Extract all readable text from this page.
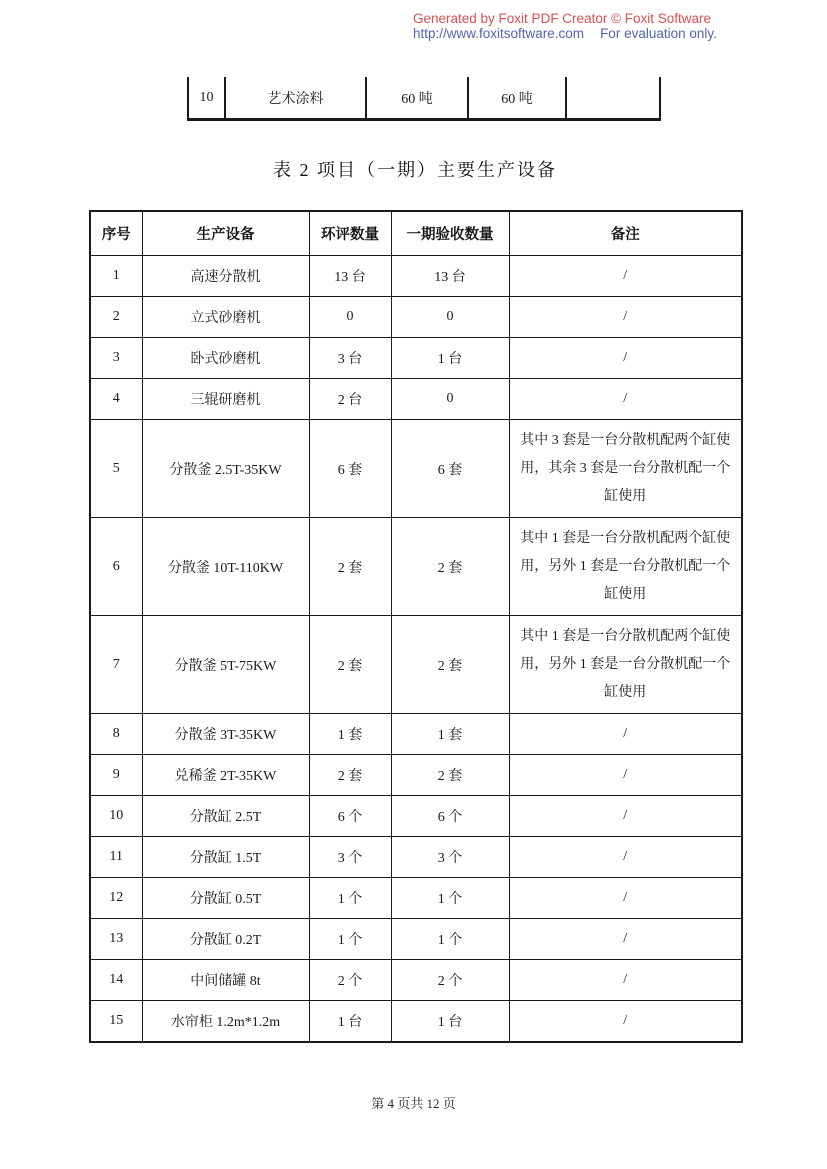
Generated by Foxit PDF Creator © Foxit Software
http://www.foxitsoftware.com For evaluation only.
10	艺术涂料	60 吨	60 吨	
表 2 项目（一期）主要生产设备
序号	生产设备	环评数量	一期验收数量	备注
1	高速分散机	13 台	13 台	/
2	立式砂磨机	0	0	/
3	卧式砂磨机	3 台	1 台	/
4	三辊研磨机	2 台	0	/
5	分散釜 2.5T-35KW	6 套	6 套	其中 3 套是一台分散机配两个缸使用，其余 3 套是一台分散机配一个缸使用
6	分散釜 10T-110KW	2 套	2 套	其中 1 套是一台分散机配两个缸使用，另外 1 套是一台分散机配一个缸使用
7	分散釜 5T-75KW	2 套	2 套	其中 1 套是一台分散机配两个缸使用，另外 1 套是一台分散机配一个缸使用
8	分散釜 3T-35KW	1 套	1 套	/
9	兑稀釜 2T-35KW	2 套	2 套	/
10	分散缸 2.5T	6 个	6 个	/
11	分散缸 1.5T	3 个	3 个	/
12	分散缸 0.5T	1 个	1 个	/
13	分散缸 0.2T	1 个	1 个	/
14	中间储罐 8t	2 个	2 个	/
15	水帘柜 1.2m*1.2m	1 台	1 台	/
第 4 页共 12 页
